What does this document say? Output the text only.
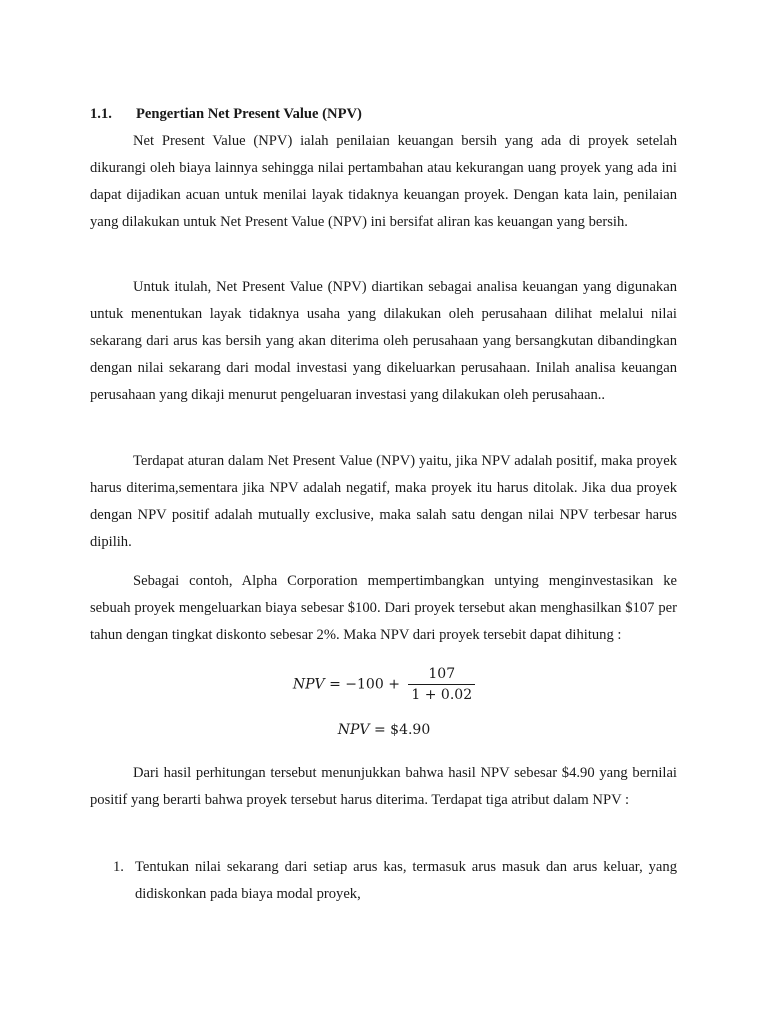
1.1. Pengertian Net Present Value (NPV)

Net Present Value (NPV) ialah penilaian keuangan bersih yang ada di proyek setelah dikurangi oleh biaya lainnya sehingga nilai pertambahan atau kekurangan uang proyek yang ada ini dapat dijadikan acuan untuk menilai layak tidaknya keuangan proyek. Dengan kata lain, penilaian yang dilakukan untuk Net Present Value (NPV) ini bersifat aliran kas keuangan yang bersih.

Untuk itulah, Net Present Value (NPV) diartikan sebagai analisa keuangan yang digunakan untuk menentukan layak tidaknya usaha yang dilakukan oleh perusahaan dilihat melalui nilai sekarang dari arus kas bersih yang akan diterima oleh perusahaan yang bersangkutan dibandingkan dengan nilai sekarang dari modal investasi yang dikeluarkan perusahaan. Inilah analisa keuangan perusahaan yang dikaji menurut pengeluaran investasi yang dilakukan oleh perusahaan..

Terdapat aturan dalam Net Present Value (NPV) yaitu, jika NPV adalah positif, maka proyek harus diterima,sementara jika NPV adalah negatif, maka proyek itu harus ditolak. Jika dua proyek dengan NPV positif adalah mutually exclusive, maka salah satu dengan nilai NPV terbesar harus dipilih.

Sebagai contoh, Alpha Corporation mempertimbangkan untying menginvestasikan ke sebuah proyek mengeluarkan biaya sebesar $100. Dari proyek tersebut akan menghasilkan $107 per tahun dengan tingkat diskonto sebesar 2%. Maka NPV dari proyek tersebit dapat dihitung :

NPV = $-100 + \frac{107}{1 + 0.02}$
NPV = $4.90

Dari hasil perhitungan tersebut menunjukkan bahwa hasil NPV sebesar $4.90 yang bernilai positif yang berarti bahwa proyek tersebut harus diterima. Terdapat tiga atribut dalam NPV :

1. Tentukan nilai sekarang dari setiap arus kas, termasuk arus masuk dan arus keluar, yang didiskonkan pada biaya modal proyek,
